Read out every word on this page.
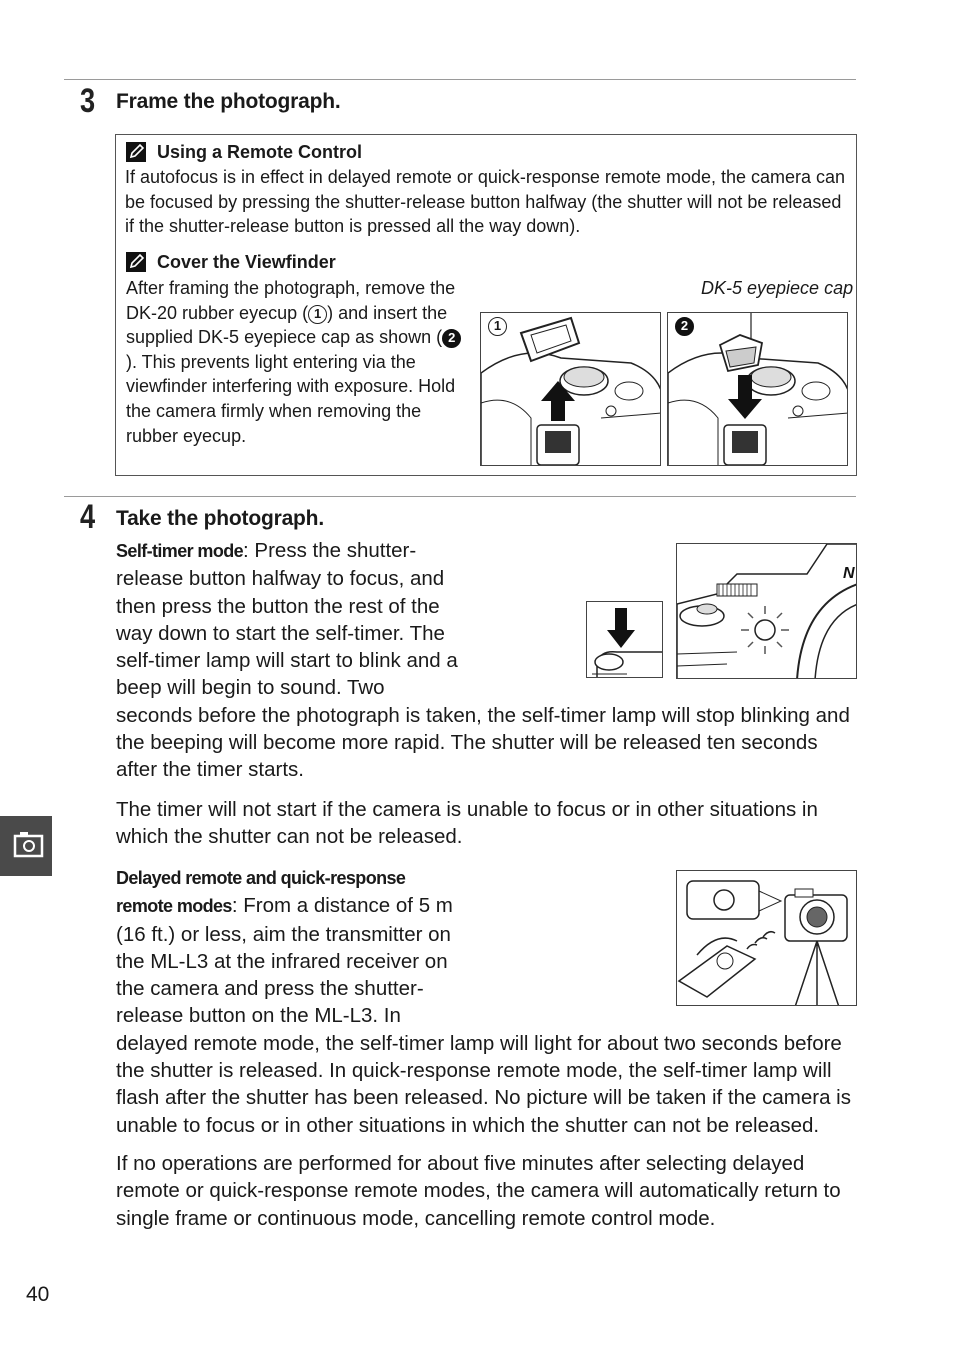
3 Frame the photograph.
Using a Remote Control
If autofocus is in effect in delayed remote or quick-response remote mode, the camera can be focused by pressing the shutter-release button halfway (the shutter will not be released if the shutter-release button is pressed all the way down).
Cover the Viewfinder
After framing the photograph, remove the DK-20 rubber eyecup ( 1 ) and insert the supplied DK-5 eyepiece cap as shown ( 2). This prevents light entering via the viewfinder interfering with exposure. Hold the camera firmly when removing the rubber eyecup.
DK-5 eyepiece cap
1	2
4 Take the photograph.
N
Self-timer mode: Press the shutter-release button halfway to focus, and then press the button the rest of the way down to start the self-timer. The self-timer lamp will start to blink and a beep will begin to sound. Two seconds before the photograph is taken, the self-timer lamp will stop blinking and the beeping will become more rapid. The shutter will be released ten seconds after the timer starts.
The timer will not start if the camera is unable to focus or in other situations in which the shutter can not be released.
Delayed remote and quick-response remote modes: From a distance of 5 m (16 ft.) or less, aim the transmitter on the ML-L3 at the infrared receiver on the camera and press the shutter-release button on the ML-L3. In delayed remote mode, the self-timer lamp will light for about two seconds before the shutter is released. In quick-response remote mode, the self-timer lamp will flash after the shutter has been released. No picture will be taken if the camera is unable to focus or in other situations in which the shutter can not be released.
If no operations are performed for about five minutes after selecting delayed remote or quick-response remote modes, the camera will automatically return to single frame or continuous mode, cancelling remote control mode.
40
